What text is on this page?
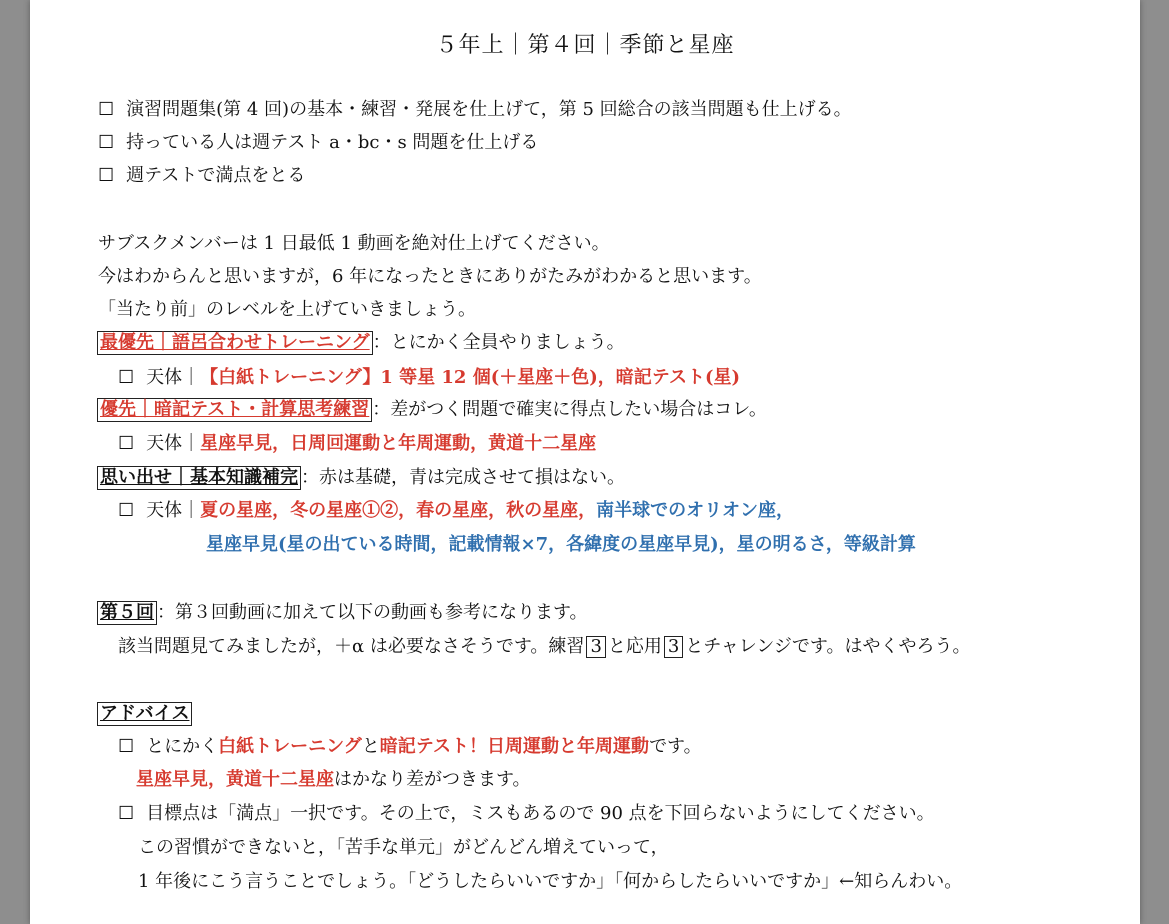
５年上｜第４回｜季節と星座
☐ 演習問題集(第 4 回)の基本・練習・発展を仕上げて，第 5 回総合の該当問題も仕上げる。
☐ 持っている人は週テスト a・bc・s 問題を仕上げる
☐ 週テストで満点をとる
サブスクメンバーは 1 日最低 1 動画を絶対仕上げてください。
今はわからんと思いますが，6 年になったときにありがたみがわかると思います。
「当たり前」のレベルを上げていきましょう。
最優先｜語呂合わせトレーニング ：とにかく全員やりましょう。
☐ 天体｜【白紙トレーニング】1 等星 12 個(＋星座＋色)，暗記テスト(星)
優先｜暗記テスト・計算思考練習 ：差がつく問題で確実に得点したい場合はコレ。
☐ 天体｜星座早見，日周回運動と年周運動，黄道十二星座
思い出せ｜基本知識補完 ：赤は基礎，青は完成させて損はない。
☐ 天体｜夏の星座，冬の星座①②，春の星座，秋の星座，南半球でのオリオン座，
星座早見(星の出ている時間，記載情報×7，各緯度の星座早見)，星の明るさ，等級計算
第５回 ：第３回動画に加えて以下の動画も参考になります。
該当問題見てみましたが，＋α は必要なさそうです。練習 3 と応用 3 とチャレンジです。はやくやろう。
アドバイス
☐ とにかく白紙トレーニングと暗記テスト！日周運動と年周運動です。
星座早見，黄道十二星座はかなり差がつきます。
☐ 目標点は「満点」一択です。その上で，ミスもあるので 90 点を下回らないようにしてください。
この習慣ができないと，「苦手な単元」がどんどん増えていって，
1 年後にこう言うことでしょう。「どうしたらいいですか」「何からしたらいいですか」←知らんわい。
